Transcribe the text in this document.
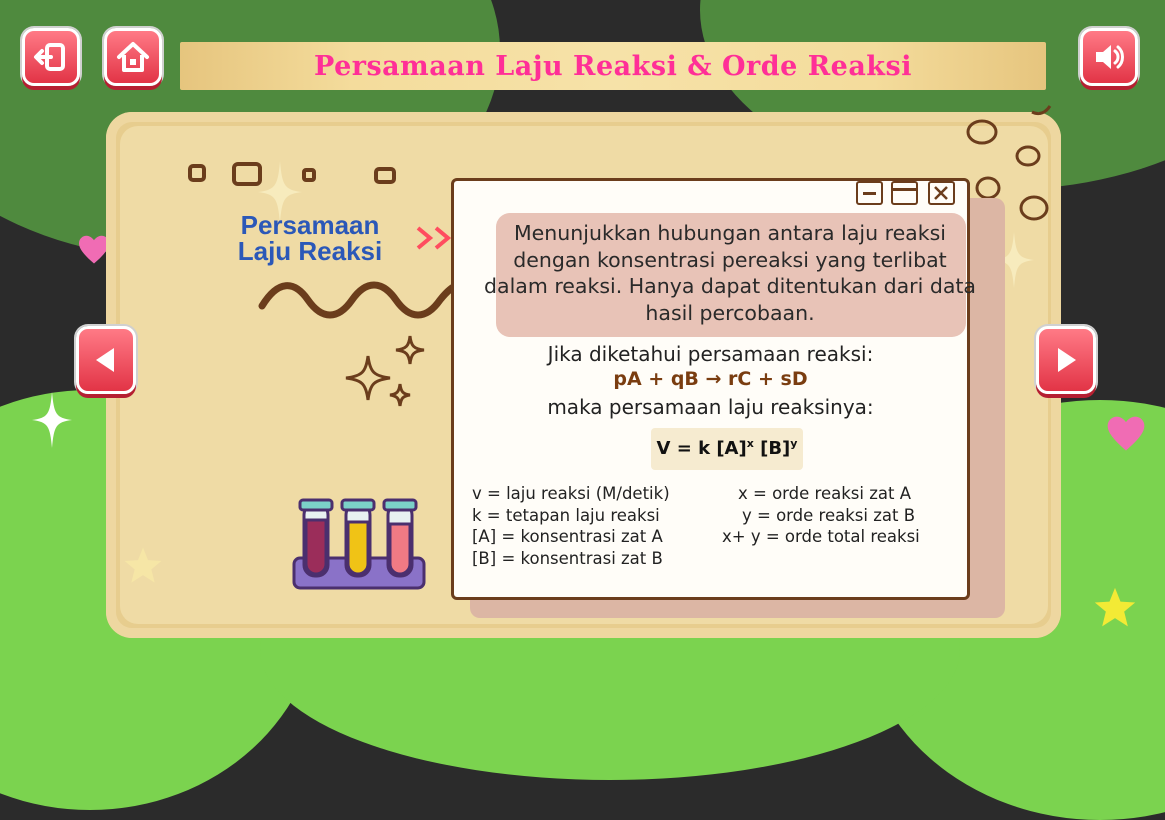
Persamaan
Laju Reaksi
Menunjukkan hubungan antara laju reaksi dengan konsentrasi pereaksi yang terlibat dalam reaksi. Hanya dapat ditentukan dari data hasil percobaan.
Jika diketahui persamaan reaksi:
pA + qB → rC + sD
maka persamaan laju reaksinya:
V = k $[A]^x$ $[B]^y$
v = laju reaksi (M/detik)
k = tetapan laju reaksi
[A] = konsentrasi zat A
[B] = konsentrasi zat B
x = orde reaksi zat A
y = orde reaksi zat B
x+ y = orde total reaksi
Persamaan Laju Reaksi & Orde Reaksi
